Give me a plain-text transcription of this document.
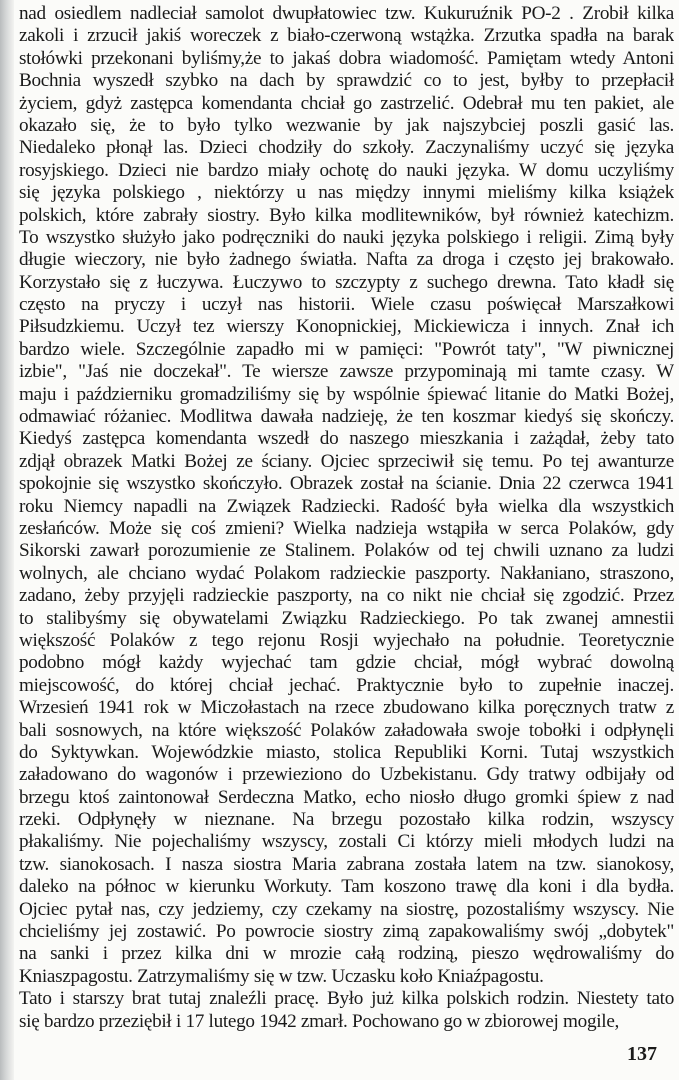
nad osiedlem nadleciał samolot dwupłatowiec tzw. Kukuruźnik PO-2 . Zrobił kilka
zakoli i zrzucił jakiś woreczek z biało-czerwoną wstążka. Zrzutka spadła na barak
stołówki przekonani byliśmy,że to jakaś dobra wiadomość. Pamiętam wtedy Antoni
Bochnia wyszedł szybko na dach by sprawdzić co to jest, byłby to przepłacił
życiem, gdyż zastępca komendanta chciał go zastrzelić. Odebrał mu ten pakiet, ale
okazało się, że to było tylko wezwanie by jak najszybciej poszli gasić las.
Niedaleko płonął las. Dzieci chodziły do szkoły. Zaczynaliśmy uczyć się języka
rosyjskiego. Dzieci nie bardzo miały ochotę do nauki języka. W domu uczyliśmy
się języka polskiego , niektórzy u nas między innymi mieliśmy kilka książek
polskich, które zabrały siostry. Było kilka modlitewników, był również katechizm.
To wszystko służyło jako podręczniki do nauki języka polskiego i religii. Zimą były
długie wieczory, nie było żadnego światła. Nafta za droga i często jej brakowało.
Korzystało się z łuczywa. Łuczywo to szczypty z suchego drewna. Tato kładł się
często na pryczy i uczył nas historii. Wiele czasu poświęcał Marszałkowi
Piłsudzkiemu. Uczył tez wierszy Konopnickiej, Mickiewicza i innych. Znał ich
bardzo wiele. Szczególnie zapadło mi w pamięci: "Powrót taty", "W piwnicznej
izbie", "Jaś nie doczekał". Te wiersze zawsze przypominają mi tamte czasy. W
maju i październiku gromadziliśmy się by wspólnie śpiewać litanie do Matki Bożej,
odmawiać różaniec. Modlitwa dawała nadzieję, że ten koszmar kiedyś się skończy.
Kiedyś zastępca komendanta wszedł do naszego mieszkania i zażądał, żeby tato
zdjął obrazek Matki Bożej ze ściany. Ojciec sprzeciwił się temu. Po tej awanturze
spokojnie się wszystko skończyło. Obrazek został na ścianie. Dnia 22 czerwca 1941
roku Niemcy napadli na Związek Radziecki. Radość była wielka dla wszystkich
zesłańców. Może się coś zmieni? Wielka nadzieja wstąpiła w serca Polaków, gdy
Sikorski zawarł porozumienie ze Stalinem. Polaków od tej chwili uznano za ludzi
wolnych, ale chciano wydać Polakom radzieckie paszporty. Nakłaniano, straszono,
zadano, żeby przyjęli radzieckie paszporty, na co nikt nie chciał się zgodzić. Przez
to stalibyśmy się obywatelami Związku Radzieckiego. Po tak zwanej amnestii
większość Polaków z tego rejonu Rosji wyjechało na południe. Teoretycznie
podobno mógł każdy wyjechać tam gdzie chciał, mógł wybrać dowolną
miejscowość, do której chciał jechać. Praktycznie było to zupełnie inaczej.
Wrzesień 1941 rok w Miczołastach na rzece zbudowano kilka poręcznych tratw z
bali sosnowych, na które większość Polaków załadowała swoje tobołki i odpłynęli
do Syktywkan. Wojewódzkie miasto, stolica Republiki Korni. Tutaj wszystkich
załadowano do wagonów i przewieziono do Uzbekistanu. Gdy tratwy odbijały od
brzegu ktoś zaintonował Serdeczna Matko, echo niosło długo gromki śpiew z nad
rzeki. Odpłynęły w nieznane. Na brzegu pozostało kilka rodzin, wszyscy
płakaliśmy. Nie pojechaliśmy wszyscy, zostali Ci którzy mieli młodych ludzi na
tzw. sianokosach. I nasza siostra Maria zabrana została latem na tzw. sianokosy,
daleko na północ w kierunku Workuty. Tam koszono trawę dla koni i dla bydła.
Ojciec pytał nas, czy jedziemy, czy czekamy na siostrę, pozostaliśmy wszyscy. Nie
chcieliśmy jej zostawić. Po powrocie siostry zimą zapakowaliśmy swój „dobytek"
na sanki i przez kilka dni w mrozie całą rodziną, pieszo wędrowaliśmy do
Kniaszpagostu. Zatrzymaliśmy się w tzw. Uczasku koło Kniaźpagostu.
Tato i starszy brat tutaj znaleźli pracę. Było już kilka polskich rodzin. Niestety tato
się bardzo przeziębił i 17 lutego 1942 zmarł. Pochowano go w zbiorowej mogile,
137
